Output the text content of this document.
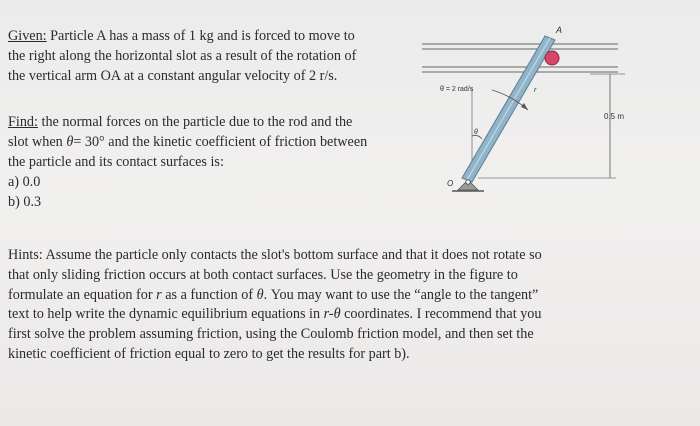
Given: Particle A has a mass of 1 kg and is forced to move to
the right along the horizontal slot as a result of the rotation of
the vertical arm OA at a constant angular velocity of 2 r/s.
Find: the normal forces on the particle due to the rod and the
slot when θ= 30° and the kinetic coefficient of friction between
the particle and its contact surfaces is:

a) 0.0
b) 0.3
0.5 m
A
r
θ̇ = 2 rad/s
θ
O
Hints: Assume the particle only contacts the slot's bottom surface and that it does not rotate so
that only sliding friction occurs at both contact surfaces. Use the geometry in the figure to
formulate an equation for r as a function of θ. You may want to use the “angle to the tangent”
text to help write the dynamic equilibrium equations in r-θ coordinates. I recommend that you
first solve the problem assuming friction, using the Coulomb friction model, and then set the
kinetic coefficient of friction equal to zero to get the results for part b).
